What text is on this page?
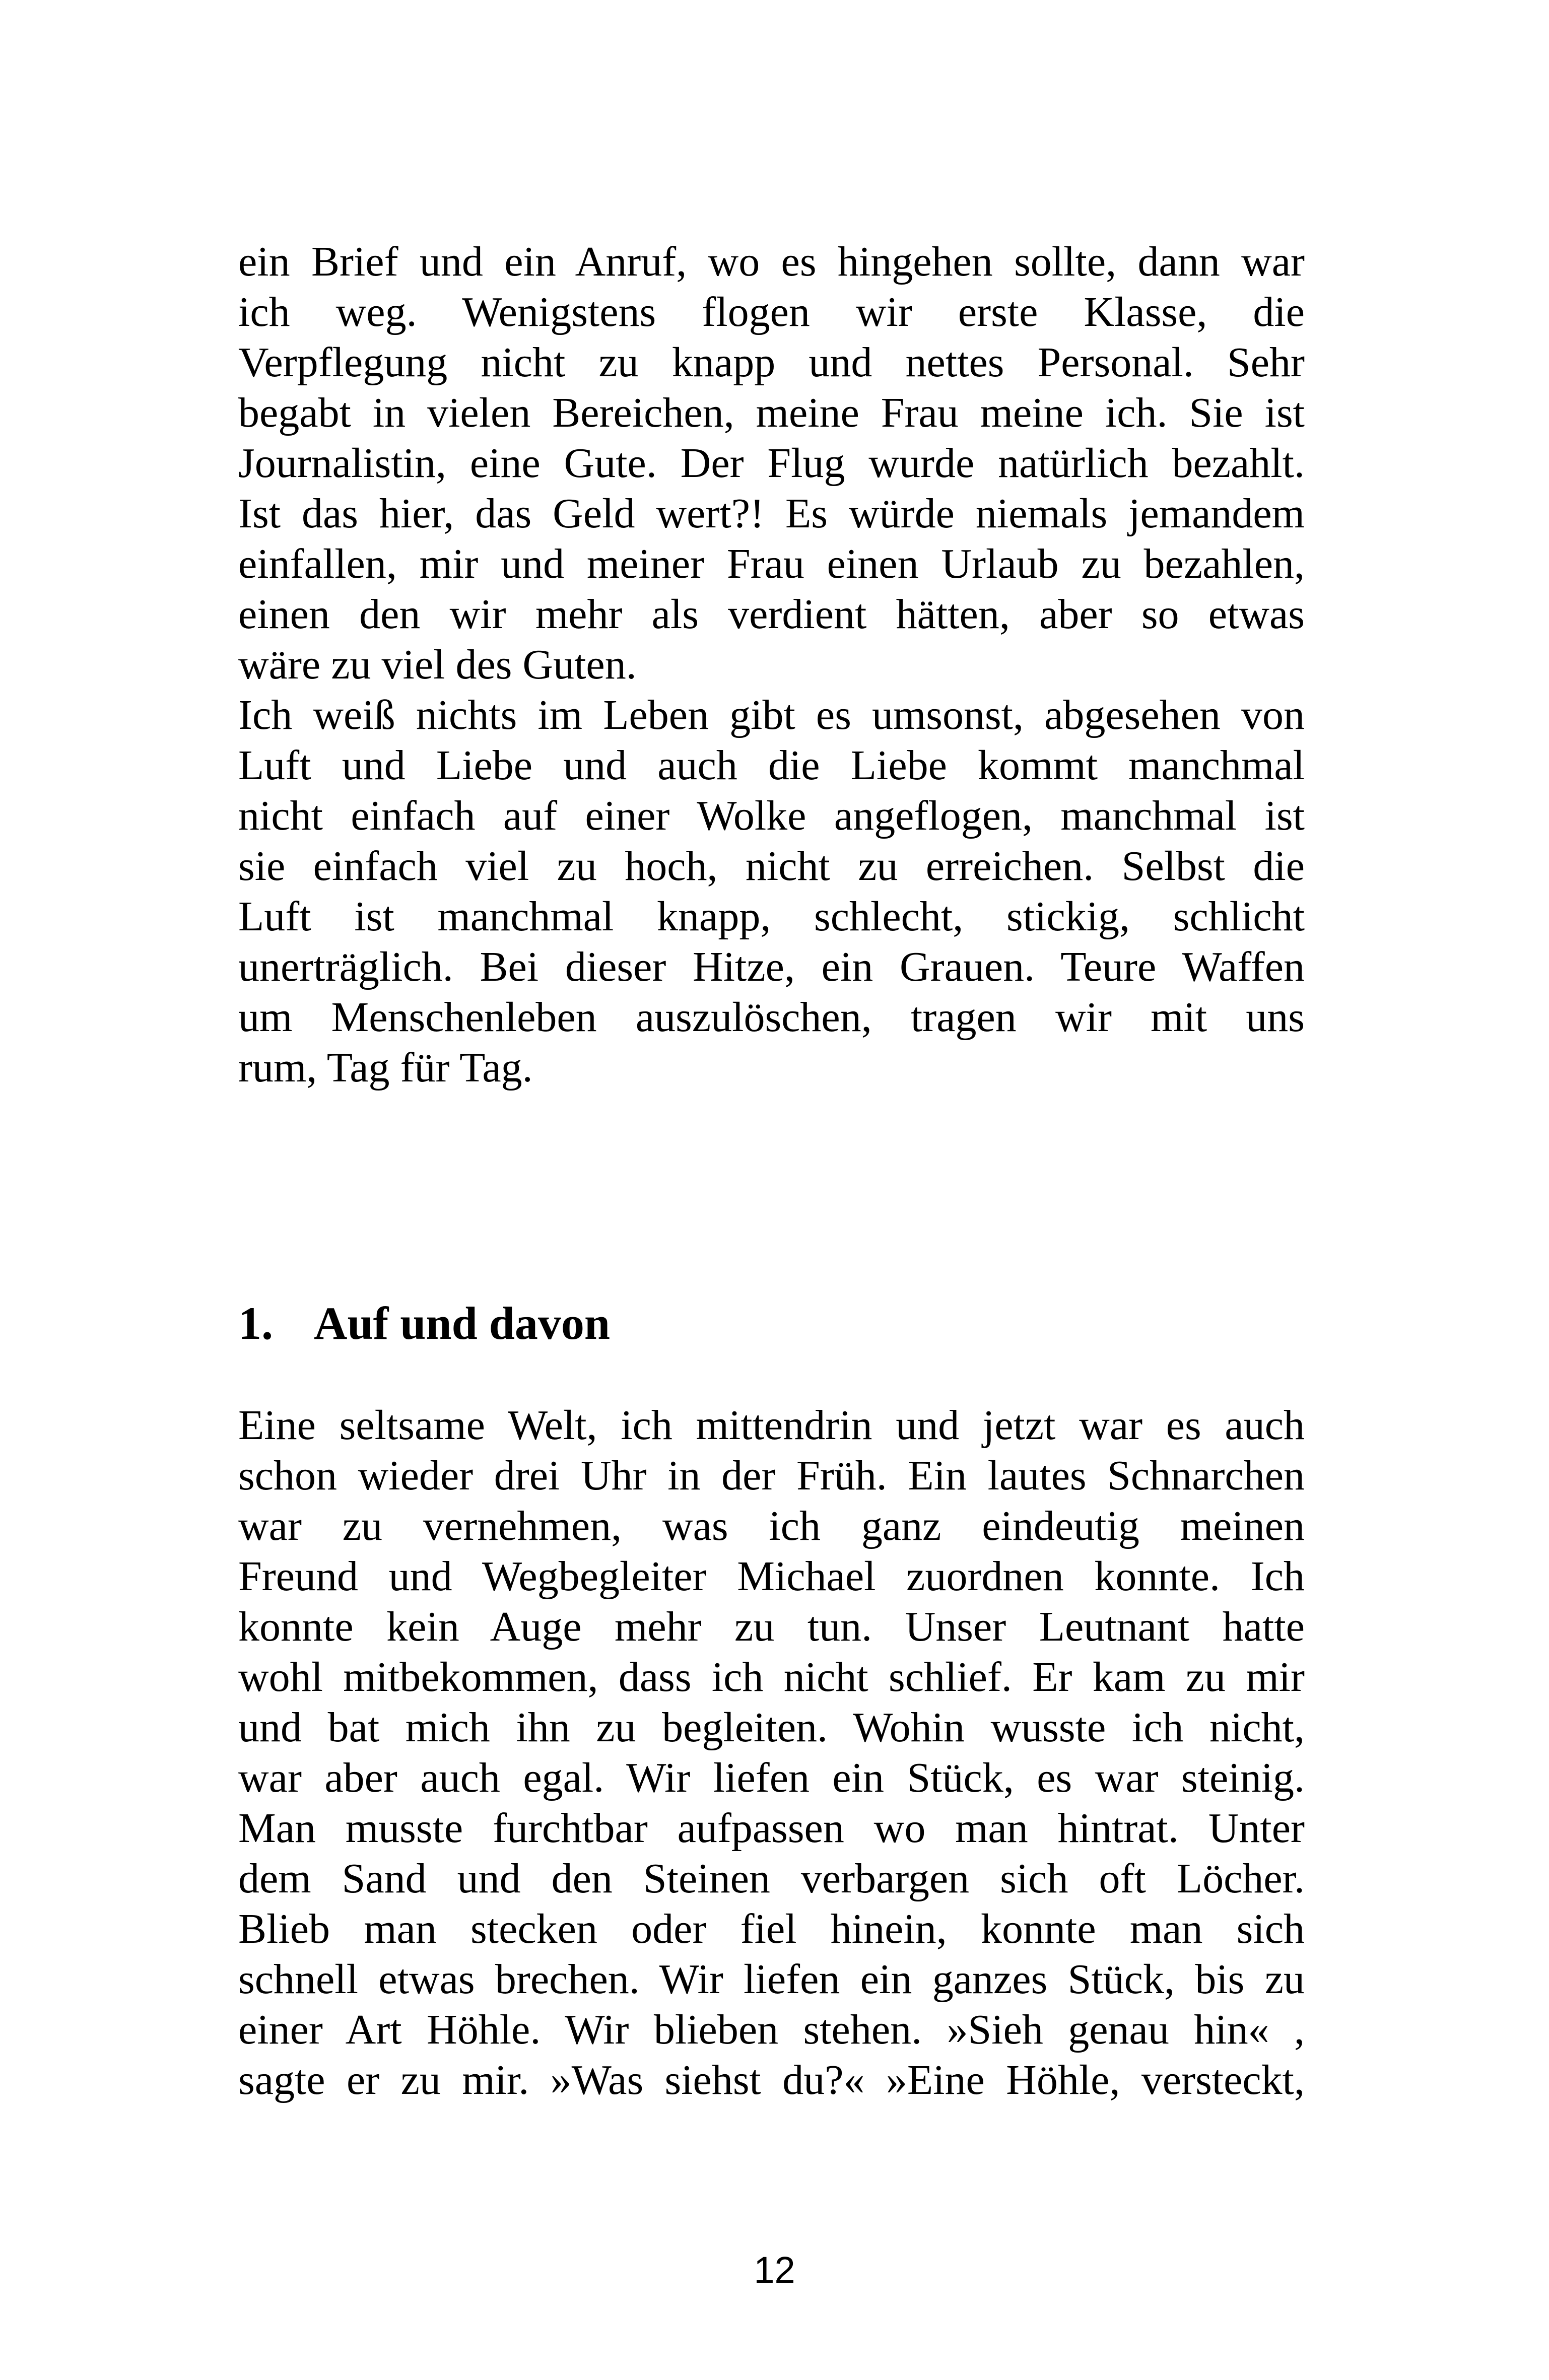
ein Brief und ein Anruf, wo es hingehen sollte, dann war
ich weg. Wenigstens flogen wir erste Klasse, die
Verpflegung nicht zu knapp und nettes Personal. Sehr
begabt in vielen Bereichen, meine Frau meine ich. Sie ist
Journalistin, eine Gute. Der Flug wurde natürlich bezahlt.
Ist das hier, das Geld wert?! Es würde niemals jemandem
einfallen, mir und meiner Frau einen Urlaub zu bezahlen,
einen den wir mehr als verdient hätten, aber so etwas
wäre zu viel des Guten.
Ich weiß nichts im Leben gibt es umsonst, abgesehen von
Luft und Liebe und auch die Liebe kommt manchmal
nicht einfach auf einer Wolke angeflogen, manchmal ist
sie einfach viel zu hoch, nicht zu erreichen. Selbst die
Luft ist manchmal knapp, schlecht, stickig, schlicht
unerträglich. Bei dieser Hitze, ein Grauen. Teure Waffen
um Menschenleben auszulöschen, tragen wir mit uns
rum, Tag für Tag.
1. Auf und davon
Eine seltsame Welt, ich mittendrin und jetzt war es auch
schon wieder drei Uhr in der Früh. Ein lautes Schnarchen
war zu vernehmen, was ich ganz eindeutig meinen
Freund und Wegbegleiter Michael zuordnen konnte. Ich
konnte kein Auge mehr zu tun. Unser Leutnant hatte
wohl mitbekommen, dass ich nicht schlief. Er kam zu mir
und bat mich ihn zu begleiten. Wohin wusste ich nicht,
war aber auch egal. Wir liefen ein Stück, es war steinig.
Man musste furchtbar aufpassen wo man hintrat. Unter
dem Sand und den Steinen verbargen sich oft Löcher.
Blieb man stecken oder fiel hinein, konnte man sich
schnell etwas brechen. Wir liefen ein ganzes Stück, bis zu
einer Art Höhle. Wir blieben stehen. »Sieh genau hin« ,
sagte er zu mir. »Was siehst du?« »Eine Höhle, versteckt,
12
